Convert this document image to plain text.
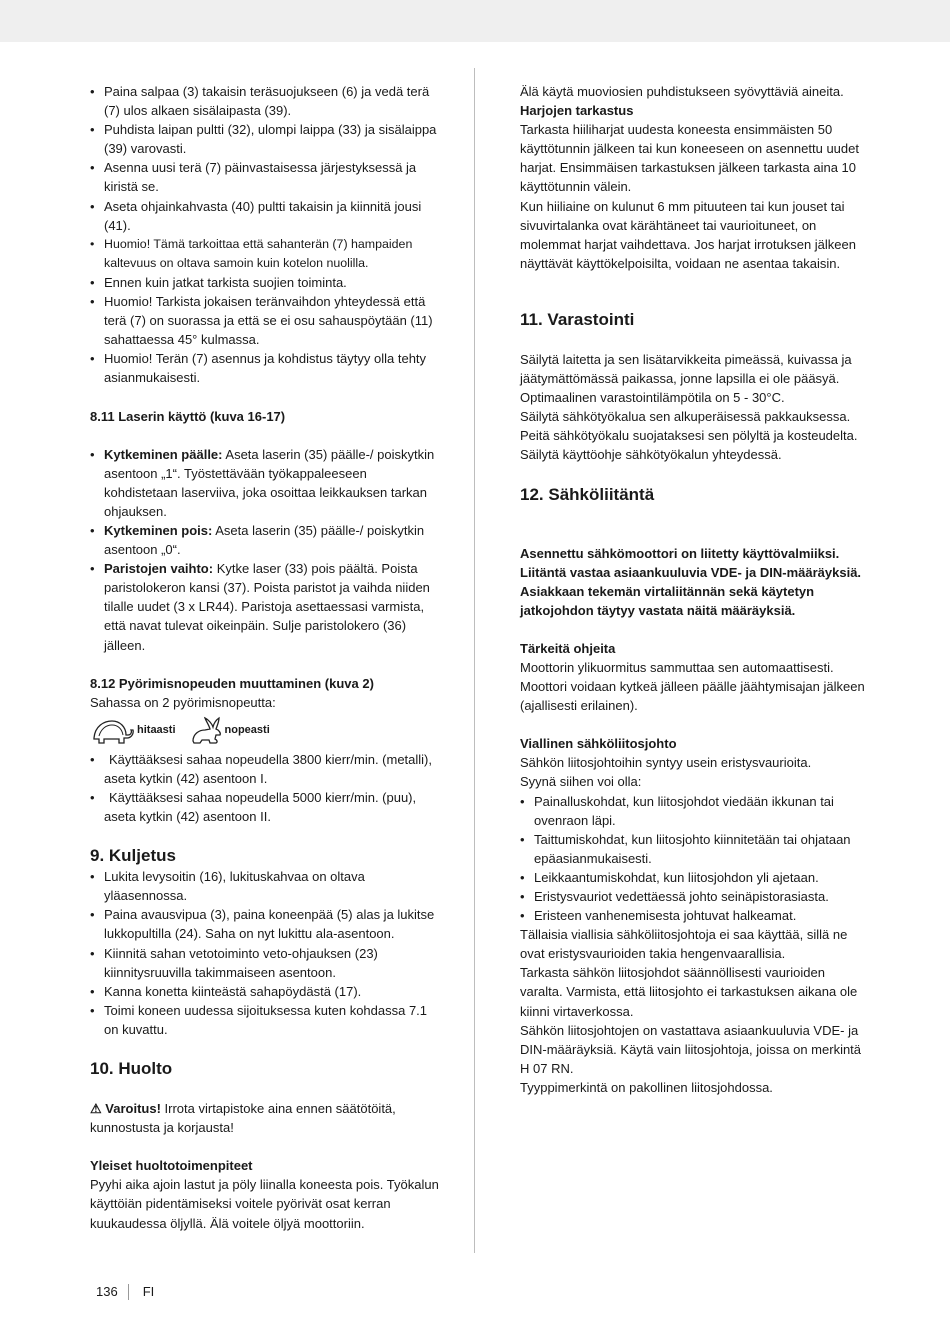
• Paina salpaa (3) takaisin teräsuojukseen (6) ja vedä terä (7) ulos alkaen sisälaipasta (39).
• Puhdista laipan pultti (32), ulompi laippa (33) ja sisälaippa (39) varovasti.
• Asenna uusi terä (7) päinvastaisessa järjestyksessä ja kiristä se.
• Aseta ohjainkahvasta (40) pultti takaisin ja kiinnitä jousi (41).
• Huomio! Tämä tarkoittaa että sahanterän (7) hampaiden kaltevuus on oltava samoin kuin kotelon nuolilla.
• Ennen kuin jatkat tarkista suojien toiminta.
• Huomio! Tarkista jokaisen teränvaihdon yhteydessä että terä (7) on suorassa ja että se ei osu sahauspöytään (11) sahattaessa 45° kulmassa.
• Huomio! Terän (7) asennus ja kohdistus täytyy olla tehty asianmukaisesti.

8.11 Laserin käyttö (kuva 16-17)

• Kytkeminen päälle: Aseta laserin (35) päälle-/ poiskytkin asentoon „1“. Työstettävään työkappaleeseen kohdistetaan laserviiva, joka osoittaa leikkauksen tarkan ohjauksen.
• Kytkeminen pois: Aseta laserin (35) päälle-/ poiskytkin asentoon „0“.
• Paristojen vaihto: Kytke laser (33) pois päältä. Poista paristolokeron kansi (37). Poista paristot ja vaihda niiden tilalle uudet (3 x LR44). Paristoja asettaessasi varmista, että navat tulevat oikeinpäin. Sulje paristolokero (36) jälleen.

8.12 Pyörimisnopeuden muuttaminen (kuva 2)

Sahassa on 2 pyörimisnopeutta:

hitaasti	nopeasti
• Käyttääksesi sahaa nopeudella 3800 kierr/min. (metalli), aseta kytkin (42) asentoon I.
• Käyttääksesi sahaa nopeudella 5000 kierr/min. (puu), aseta kytkin (42) asentoon II.

9. Kuljetus

• Lukita levysoitin (16), lukituskahvaa on oltava yläasennossa.
• Paina avausvipua (3), paina koneenpää (5) alas ja lukitse lukkopultilla (24). Saha on nyt lukittu ala-asentoon.
• Kiinnitä sahan vetotoiminto veto-ohjauksen (23) kiinnitysruuvilla takimmaiseen asentoon.
• Kanna konetta kiinteästä sahapöydästä (17).
• Toimi koneen uudessa sijoituksessa kuten kohdassa 7.1 on kuvattu.

10. Huolto

⚠ Varoitus! Irrota virtapistoke aina ennen säätötöitä, kunnostusta ja korjausta!

Yleiset huoltotoimenpiteet

Pyyhi aika ajoin lastut ja pöly liinalla koneesta pois. Työkalun käyttöiän pidentämiseksi voitele pyörivät osat kerran kuukaudessa öljyllä. Älä voitele öljyä moottoriin.

Älä käytä muoviosien puhdistukseen syövyttäviä aineita.

Harjojen tarkastus

Tarkasta hiiliharjat uudesta koneesta ensimmäisten 50 käyttötunnin jälkeen tai kun koneeseen on asennettu uudet harjat. Ensimmäisen tarkastuksen jälkeen tarkasta aina 10 käyttötunnin välein.

Kun hiiliaine on kulunut 6 mm pituuteen tai kun jouset tai sivuvirtalanka ovat kärähtäneet tai vaurioituneet, on molemmat harjat vaihdettava. Jos harjat irrotuksen jälkeen näyttävät käyttökelpoisilta, voidaan ne asentaa takaisin.

11. Varastointi

Säilytä laitetta ja sen lisätarvikkeita pimeässä, kuivassa ja jäätymättömässä paikassa, jonne lapsilla ei ole pääsyä. Optimaalinen varastointilämpötila on 5 - 30°C.

Säilytä sähkötyökalua sen alkuperäisessä pakkauksessa.

Peitä sähkötyökalu suojataksesi sen pölyltä ja kosteudelta.

Säilytä käyttöohje sähkötyökalun yhteydessä.

12. Sähköliitäntä

Asennettu sähkömoottori on liitetty käyttövalmiiksi. Liitäntä vastaa asiaankuuluvia VDE- ja DIN-määräyksiä. Asiakkaan tekemän virtaliitännän sekä käytetyn jatkojohdon täytyy vastata näitä määräyksiä.

Tärkeitä ohjeita

Moottorin ylikuormitus sammuttaa sen automaattisesti. Moottori voidaan kytkeä jälleen päälle jäähtymisajan jälkeen (ajallisesti erilainen).

Viallinen sähköliitosjohto

Sähkön liitosjohtoihin syntyy usein eristysvaurioita.

Syynä siihen voi olla:

• Painalluskohdat, kun liitosjohdot viedään ikkunan tai ovenraon läpi.
• Taittumiskohdat, kun liitosjohto kiinnitetään tai ohjataan epäasianmukaisesti.
• Leikkaantumiskohdat, kun liitosjohdon yli ajetaan.
• Eristysvauriot vedettäessä johto seinäpistorasiasta.
• Eristeen vanhenemisesta johtuvat halkeamat.

Tällaisia viallisia sähköliitosjohtoja ei saa käyttää, sillä ne ovat eristysvaurioiden takia hengenvaarallisia.

Tarkasta sähkön liitosjohdot säännöllisesti vaurioiden varalta. Varmista, että liitosjohto ei tarkastuksen aikana ole kiinni virtaverkossa.

Sähkön liitosjohtojen on vastattava asiaankuuluvia VDE- ja DIN-määräyksiä. Käytä vain liitosjohtoja, joissa on merkintä H 07 RN.

Tyyppimerkintä on pakollinen liitosjohdossa.

136 FI
